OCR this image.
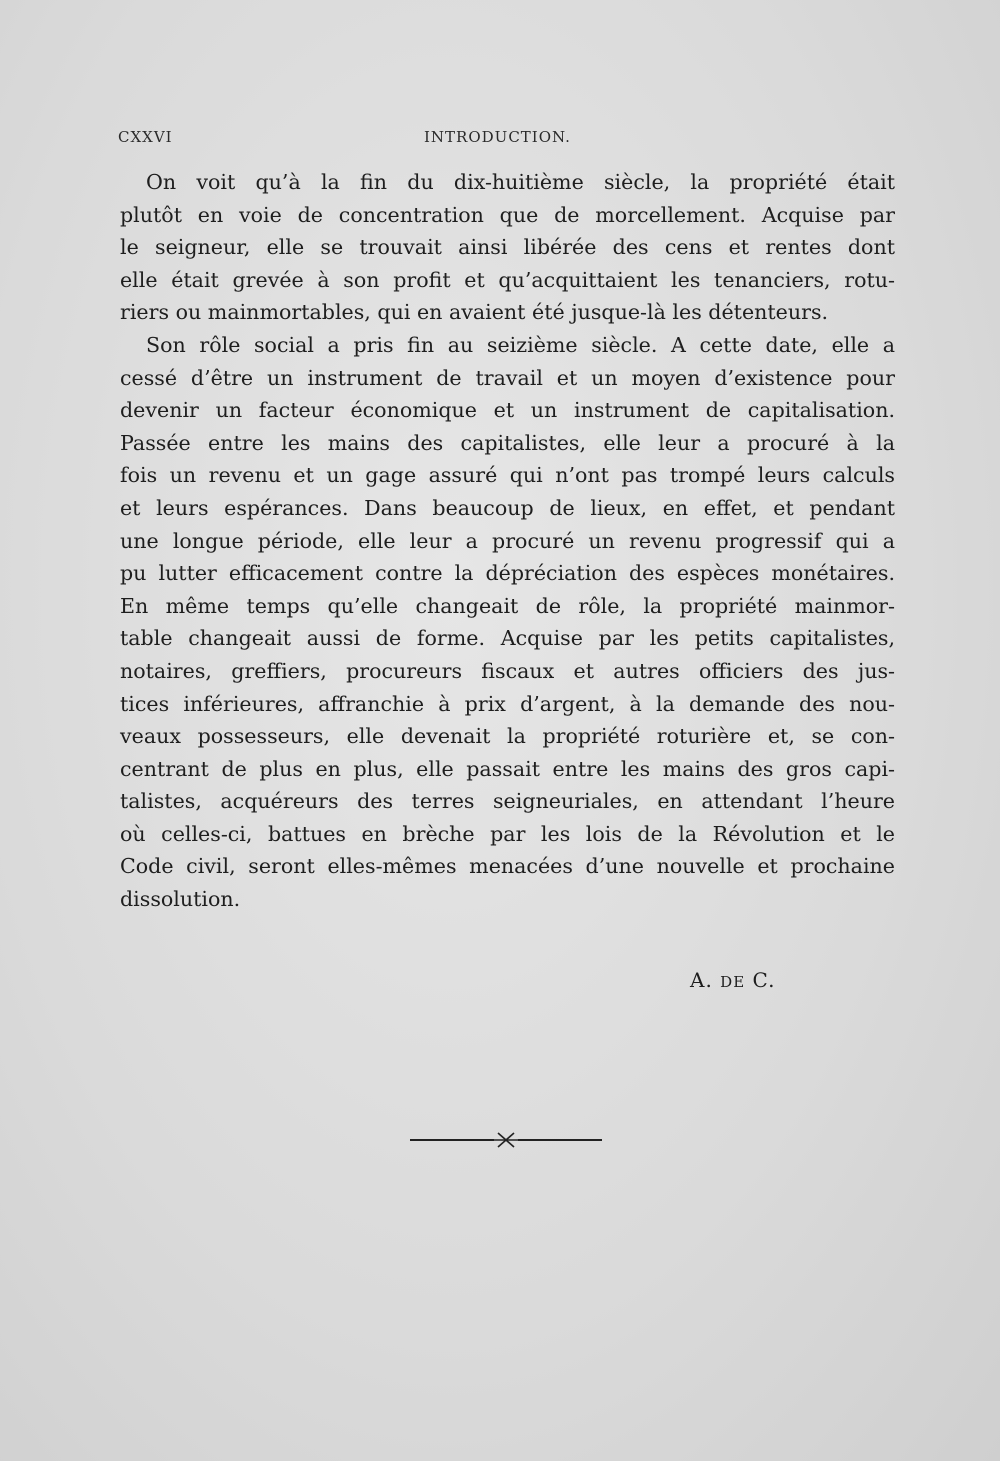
CXXVI	INTRODUCTION.
On voit qu’à la fin du dix-huitième siècle, la propriété était
plutôt en voie de concentration que de morcellement. Acquise par
le seigneur, elle se trouvait ainsi libérée des cens et rentes dont
elle était grevée à son profit et qu’acquittaient les tenanciers, rotu-
riers ou mainmortables, qui en avaient été jusque-là les détenteurs.
Son rôle social a pris fin au seizième siècle. A cette date, elle a
cessé d’être un instrument de travail et un moyen d’existence pour
devenir un facteur économique et un instrument de capitalisation.
Passée entre les mains des capitalistes, elle leur a procuré à la
fois un revenu et un gage assuré qui n’ont pas trompé leurs calculs
et leurs espérances. Dans beaucoup de lieux, en effet, et pendant
une longue période, elle leur a procuré un revenu progressif qui a
pu lutter efficacement contre la dépréciation des espèces monétaires.
En même temps qu’elle changeait de rôle, la propriété mainmor-
table changeait aussi de forme. Acquise par les petits capitalistes,
notaires, greffiers, procureurs fiscaux et autres officiers des jus-
tices inférieures, affranchie à prix d’argent, à la demande des nou-
veaux possesseurs, elle devenait la propriété roturière et, se con-
centrant de plus en plus, elle passait entre les mains des gros capi-
talistes, acquéreurs des terres seigneuriales, en attendant l’heure
où celles-ci, battues en brèche par les lois de la Révolution et le
Code civil, seront elles-mêmes menacées d’une nouvelle et prochaine
dissolution.
A. DE C.
